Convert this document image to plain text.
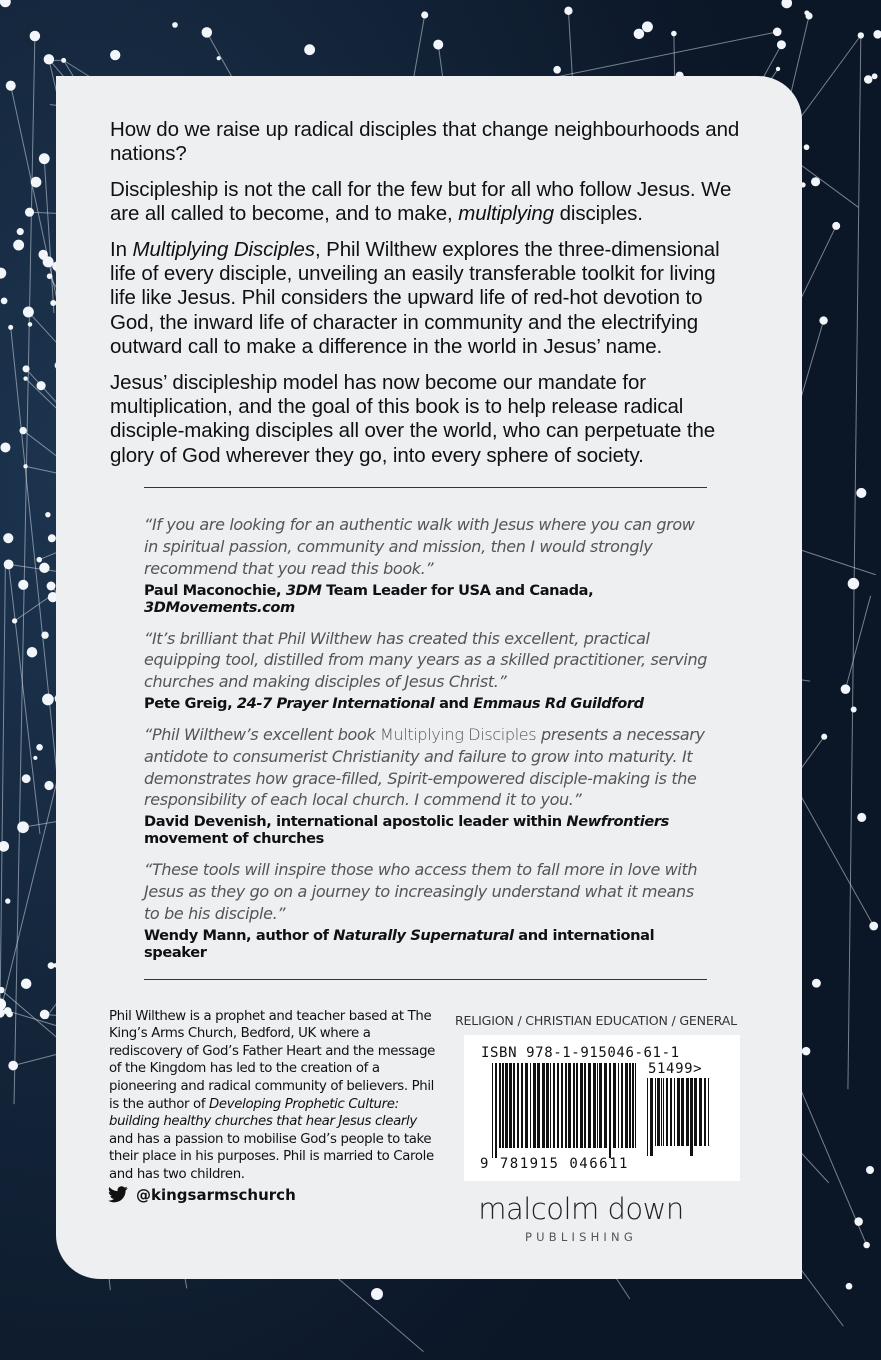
How do we raise up radical disciples that change neighbourhoods and nations?

Discipleship is not the call for the few but for all who follow Jesus. We are all called to become, and to make, multiplying disciples.

In Multiplying Disciples, Phil Wilthew explores the three-dimensional life of every disciple, unveiling an easily transferable toolkit for living life like Jesus. Phil considers the upward life of red-hot devotion to God, the inward life of character in community and the electrifying outward call to make a difference in the world in Jesus’ name.

Jesus’ discipleship model has now become our mandate for multiplication, and the goal of this book is to help release radical disciple-making disciples all over the world, who can perpetuate the glory of God wherever they go, into every sphere of society.

“If you are looking for an authentic walk with Jesus where you can grow in spiritual passion, community and mission, then I would strongly recommend that you read this book.”

Paul Maconochie, 3DM Team Leader for USA and Canada, 3DMovements.com

“It’s brilliant that Phil Wilthew has created this excellent, practical equipping tool, distilled from many years as a skilled practitioner, serving churches and making disciples of Jesus Christ.”

Pete Greig, 24-7 Prayer International and Emmaus Rd Guildford

“Phil Wilthew’s excellent book Multiplying Disciples presents a necessary antidote to consumerist Christianity and failure to grow into maturity. It demonstrates how grace-filled, Spirit-empowered disciple-making is the responsibility of each local church. I commend it to you.”

David Devenish, international apostolic leader within Newfrontiers movement of churches

“These tools will inspire those who access them to fall more in love with Jesus as they go on a journey to increasingly understand what it means to be his disciple.”

Wendy Mann, author of Naturally Supernatural and international speaker

Phil Wilthew is a prophet and teacher based at The King’s Arms Church, Bedford, UK where a rediscovery of God’s Father Heart and the message of the Kingdom has led to the creation of a pioneering and radical community of believers. Phil is the author of Developing Prophetic Culture: building healthy churches that hear Jesus clearly and has a passion to mobilise God’s people to take their place in his purposes. Phil is married to Carole and has two children.
@kingsarmschurch
RELIGION / CHRISTIAN EDUCATION / GENERAL
ISBN 978-1-915046-61-1
51499>
9 781915 046611
malcolm down
PUBLISHING
